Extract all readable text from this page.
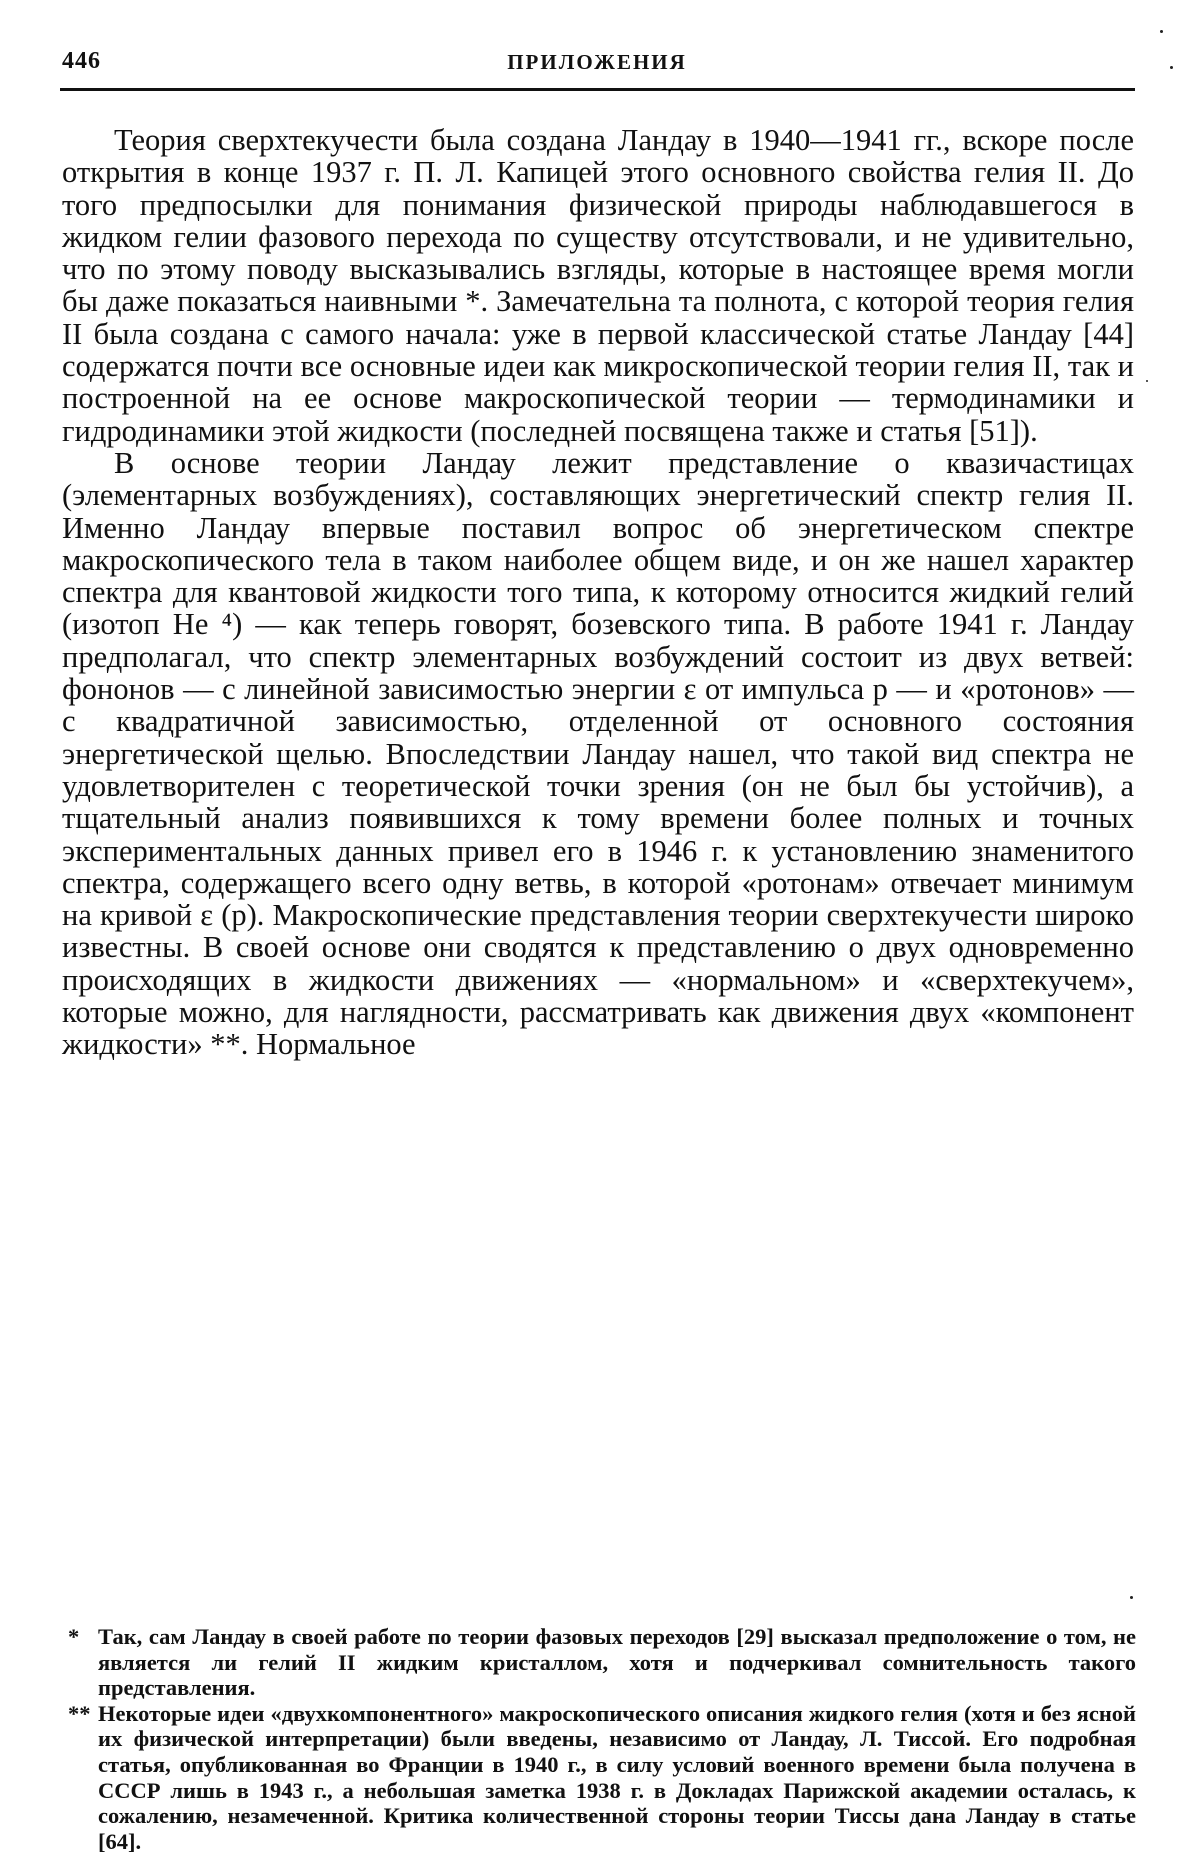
446	ПРИЛОЖЕНИЯ

Теория сверхтекучести была создана Ландау в 1940—1941 гг., вскоре после открытия в конце 1937 г. П. Л. Капицей этого основного свойства гелия II. До того предпосылки для понимания физической природы наблюдавшегося в жидком гелии фазового перехода по существу отсутствовали, и не удивительно, что по этому поводу высказывались взгляды, которые в настоящее время могли бы даже показаться наивными *. Замечательна та полнота, с которой теория гелия II была создана с самого начала: уже в первой классической статье Ландау [44] содержатся почти все основные идеи как микроскопической теории гелия II, так и построенной на ее основе макроскопической теории — термодинамики и гидродинамики этой жидкости (последней посвящена также и статья [51]).

В основе теории Ландау лежит представление о квазичастицах (элементарных возбуждениях), составляющих энергетический спектр гелия II. Именно Ландау впервые поставил вопрос об энергетическом спектре макроскопического тела в таком наиболее общем виде, и он же нашел характер спектра для квантовой жидкости того типа, к которому относится жидкий гелий (изотоп He ⁴) — как теперь говорят, бозевского типа. В работе 1941 г. Ландау предполагал, что спектр элементарных возбуждений состоит из двух ветвей: фононов — с линейной зависимостью энергии ε от импульса p — и «ротонов» — с квадратичной зависимостью, отделенной от основного состояния энергетической щелью. Впоследствии Ландау нашел, что такой вид спектра не удовлетворителен с теоретической точки зрения (он не был бы устойчив), а тщательный анализ появившихся к тому времени более полных и точных экспериментальных данных привел его в 1946 г. к установлению знаменитого спектра, содержащего всего одну ветвь, в которой «ротонам» отвечает минимум на кривой ε (p). Макроскопические представления теории сверхтекучести широко известны. В своей основе они сводятся к представлению о двух одновременно происходящих в жидкости движениях — «нормальном» и «сверхтекучем», которые можно, для наглядности, рассматривать как движения двух «компонент жидкости» **. Нормальное

* Так, сам Ландау в своей работе по теории фазовых переходов [29] высказал предположение о том, не является ли гелий II жидким кристаллом, хотя и подчеркивал сомнительность такого представления.

** Некоторые идеи «двухкомпонентного» макроскопического описания жидкого гелия (хотя и без ясной их физической интерпретации) были введены, независимо от Ландау, Л. Тиссой. Его подробная статья, опубликованная во Франции в 1940 г., в силу условий военного времени была получена в СССР лишь в 1943 г., а небольшая заметка 1938 г. в Докладах Парижской академии осталась, к сожалению, незамеченной. Критика количественной стороны теории Тиссы дана Ландау в статье [64].
